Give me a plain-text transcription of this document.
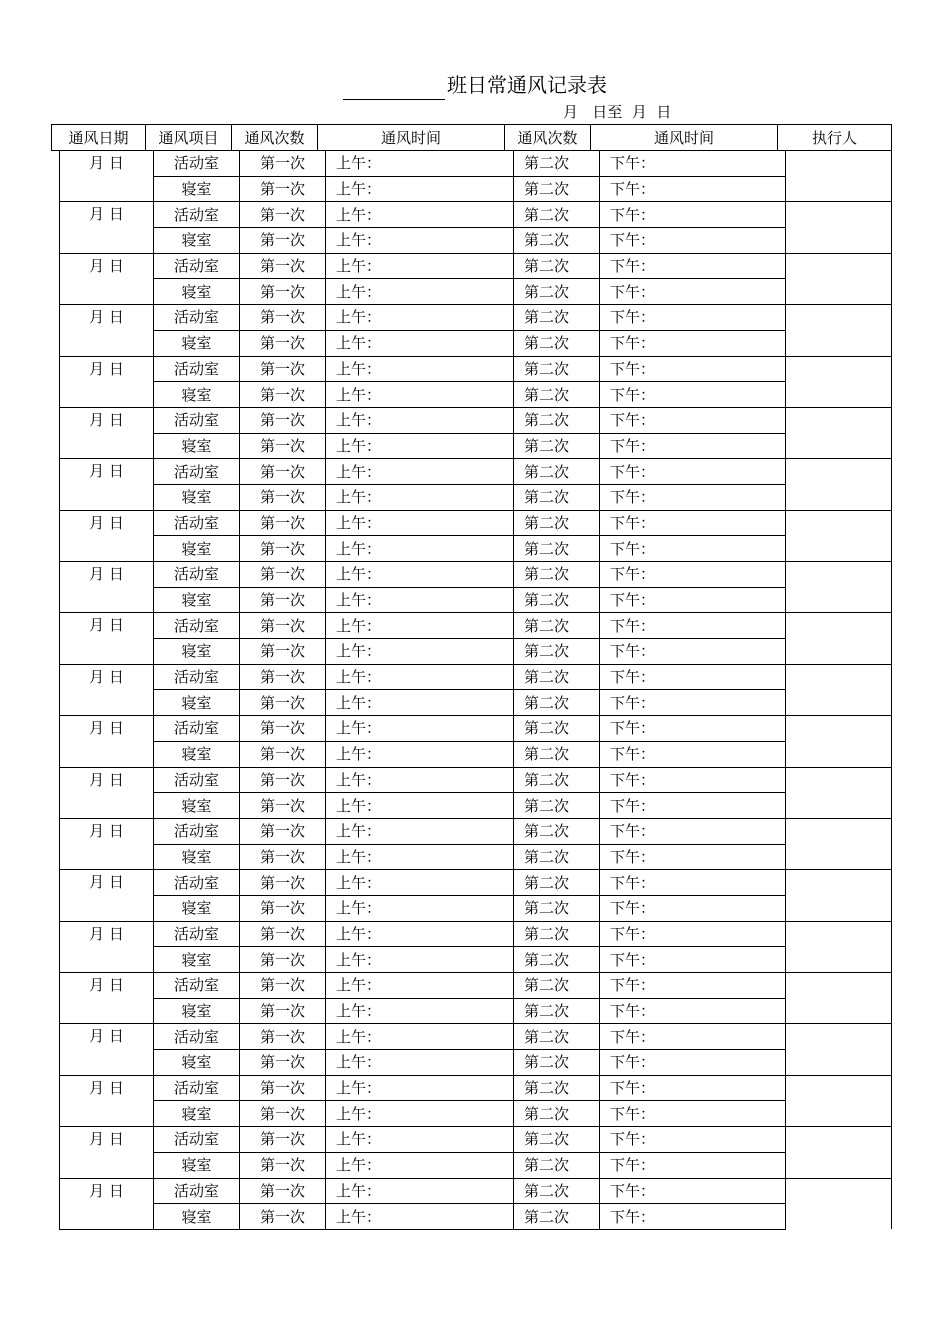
班日常通风记录表
月   日至  月  日
通风日期	通风项目	通风次数	通风时间	通风次数	通风时间	执行人
月 日	活动室	第一次	上午：	第二次	下午：	
	寝室	第一次	上午：	第二次	下午：	
月 日	活动室	第一次	上午：	第二次	下午：	
	寝室	第一次	上午：	第二次	下午：	
月 日	活动室	第一次	上午：	第二次	下午：	
	寝室	第一次	上午：	第二次	下午：	
月 日	活动室	第一次	上午：	第二次	下午：	
	寝室	第一次	上午：	第二次	下午：	
月 日	活动室	第一次	上午：	第二次	下午：	
	寝室	第一次	上午：	第二次	下午：	
月 日	活动室	第一次	上午：	第二次	下午：	
	寝室	第一次	上午：	第二次	下午：	
月 日	活动室	第一次	上午：	第二次	下午：	
	寝室	第一次	上午：	第二次	下午：	
月 日	活动室	第一次	上午：	第二次	下午：	
	寝室	第一次	上午：	第二次	下午：	
月 日	活动室	第一次	上午：	第二次	下午：	
	寝室	第一次	上午：	第二次	下午：	
月 日	活动室	第一次	上午：	第二次	下午：	
	寝室	第一次	上午：	第二次	下午：	
月 日	活动室	第一次	上午：	第二次	下午：	
	寝室	第一次	上午：	第二次	下午：	
月 日	活动室	第一次	上午：	第二次	下午：	
	寝室	第一次	上午：	第二次	下午：	
月 日	活动室	第一次	上午：	第二次	下午：	
	寝室	第一次	上午：	第二次	下午：	
月 日	活动室	第一次	上午：	第二次	下午：	
	寝室	第一次	上午：	第二次	下午：	
月 日	活动室	第一次	上午：	第二次	下午：	
	寝室	第一次	上午：	第二次	下午：	
月 日	活动室	第一次	上午：	第二次	下午：	
	寝室	第一次	上午：	第二次	下午：	
月 日	活动室	第一次	上午：	第二次	下午：	
	寝室	第一次	上午：	第二次	下午：	
月 日	活动室	第一次	上午：	第二次	下午：	
	寝室	第一次	上午：	第二次	下午：	
月 日	活动室	第一次	上午：	第二次	下午：	
	寝室	第一次	上午：	第二次	下午：	
月 日	活动室	第一次	上午：	第二次	下午：	
	寝室	第一次	上午：	第二次	下午：	
月 日	活动室	第一次	上午：	第二次	下午：	
	寝室	第一次	上午：	第二次	下午：	
